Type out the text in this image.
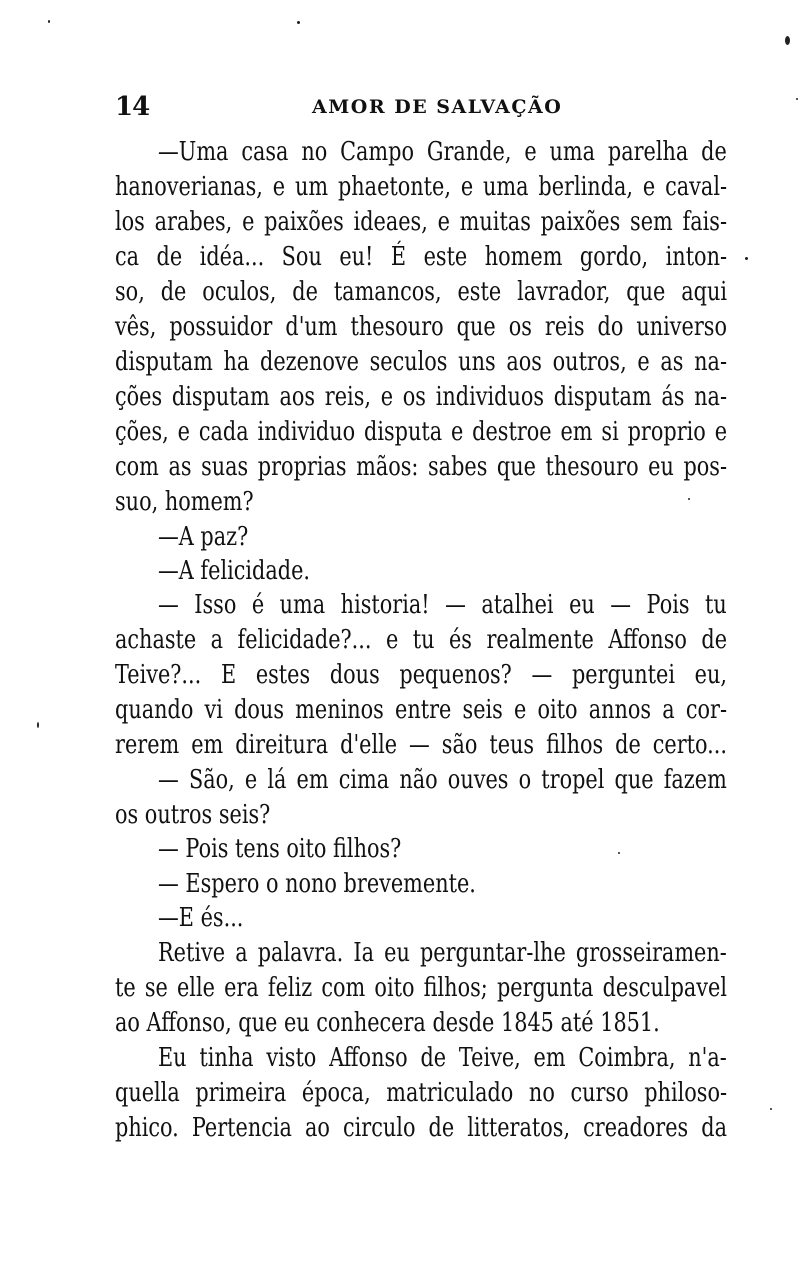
14	AMOR DE SALVAÇÃO
—Uma casa no Campo Grande, e uma parelha de
hanoverianas, e um phaetonte, e uma berlinda, e caval-
los arabes, e paixões ideaes, e muitas paixões sem fais-
ca de idéa... Sou eu! É este homem gordo, inton-
so, de oculos, de tamancos, este lavrador, que aqui
vês, possuidor d'um thesouro que os reis do universo
disputam ha dezenove seculos uns aos outros, e as na-
ções disputam aos reis, e os individuos disputam ás na-
ções, e cada individuo disputa e destroe em si proprio e
com as suas proprias mãos: sabes que thesouro eu pos-
suo, homem?
—A paz?
—A felicidade.
— Isso é uma historia! — atalhei eu — Pois tu
achaste a felicidade?... e tu és realmente Affonso de
Teive?... E estes dous pequenos? — perguntei eu,
quando vi dous meninos entre seis e oito annos a cor-
rerem em direitura d'elle — são teus filhos de certo...
— São, e lá em cima não ouves o tropel que fazem
os outros seis?
— Pois tens oito filhos?
— Espero o nono brevemente.
—E és...
Retive a palavra. Ia eu perguntar-lhe grosseiramen-
te se elle era feliz com oito filhos; pergunta desculpavel
ao Affonso, que eu conhecera desde 1845 até 1851.
Eu tinha visto Affonso de Teive, em Coimbra, n'a-
quella primeira época, matriculado no curso philoso-
phico. Pertencia ao circulo de litteratos, creadores da
